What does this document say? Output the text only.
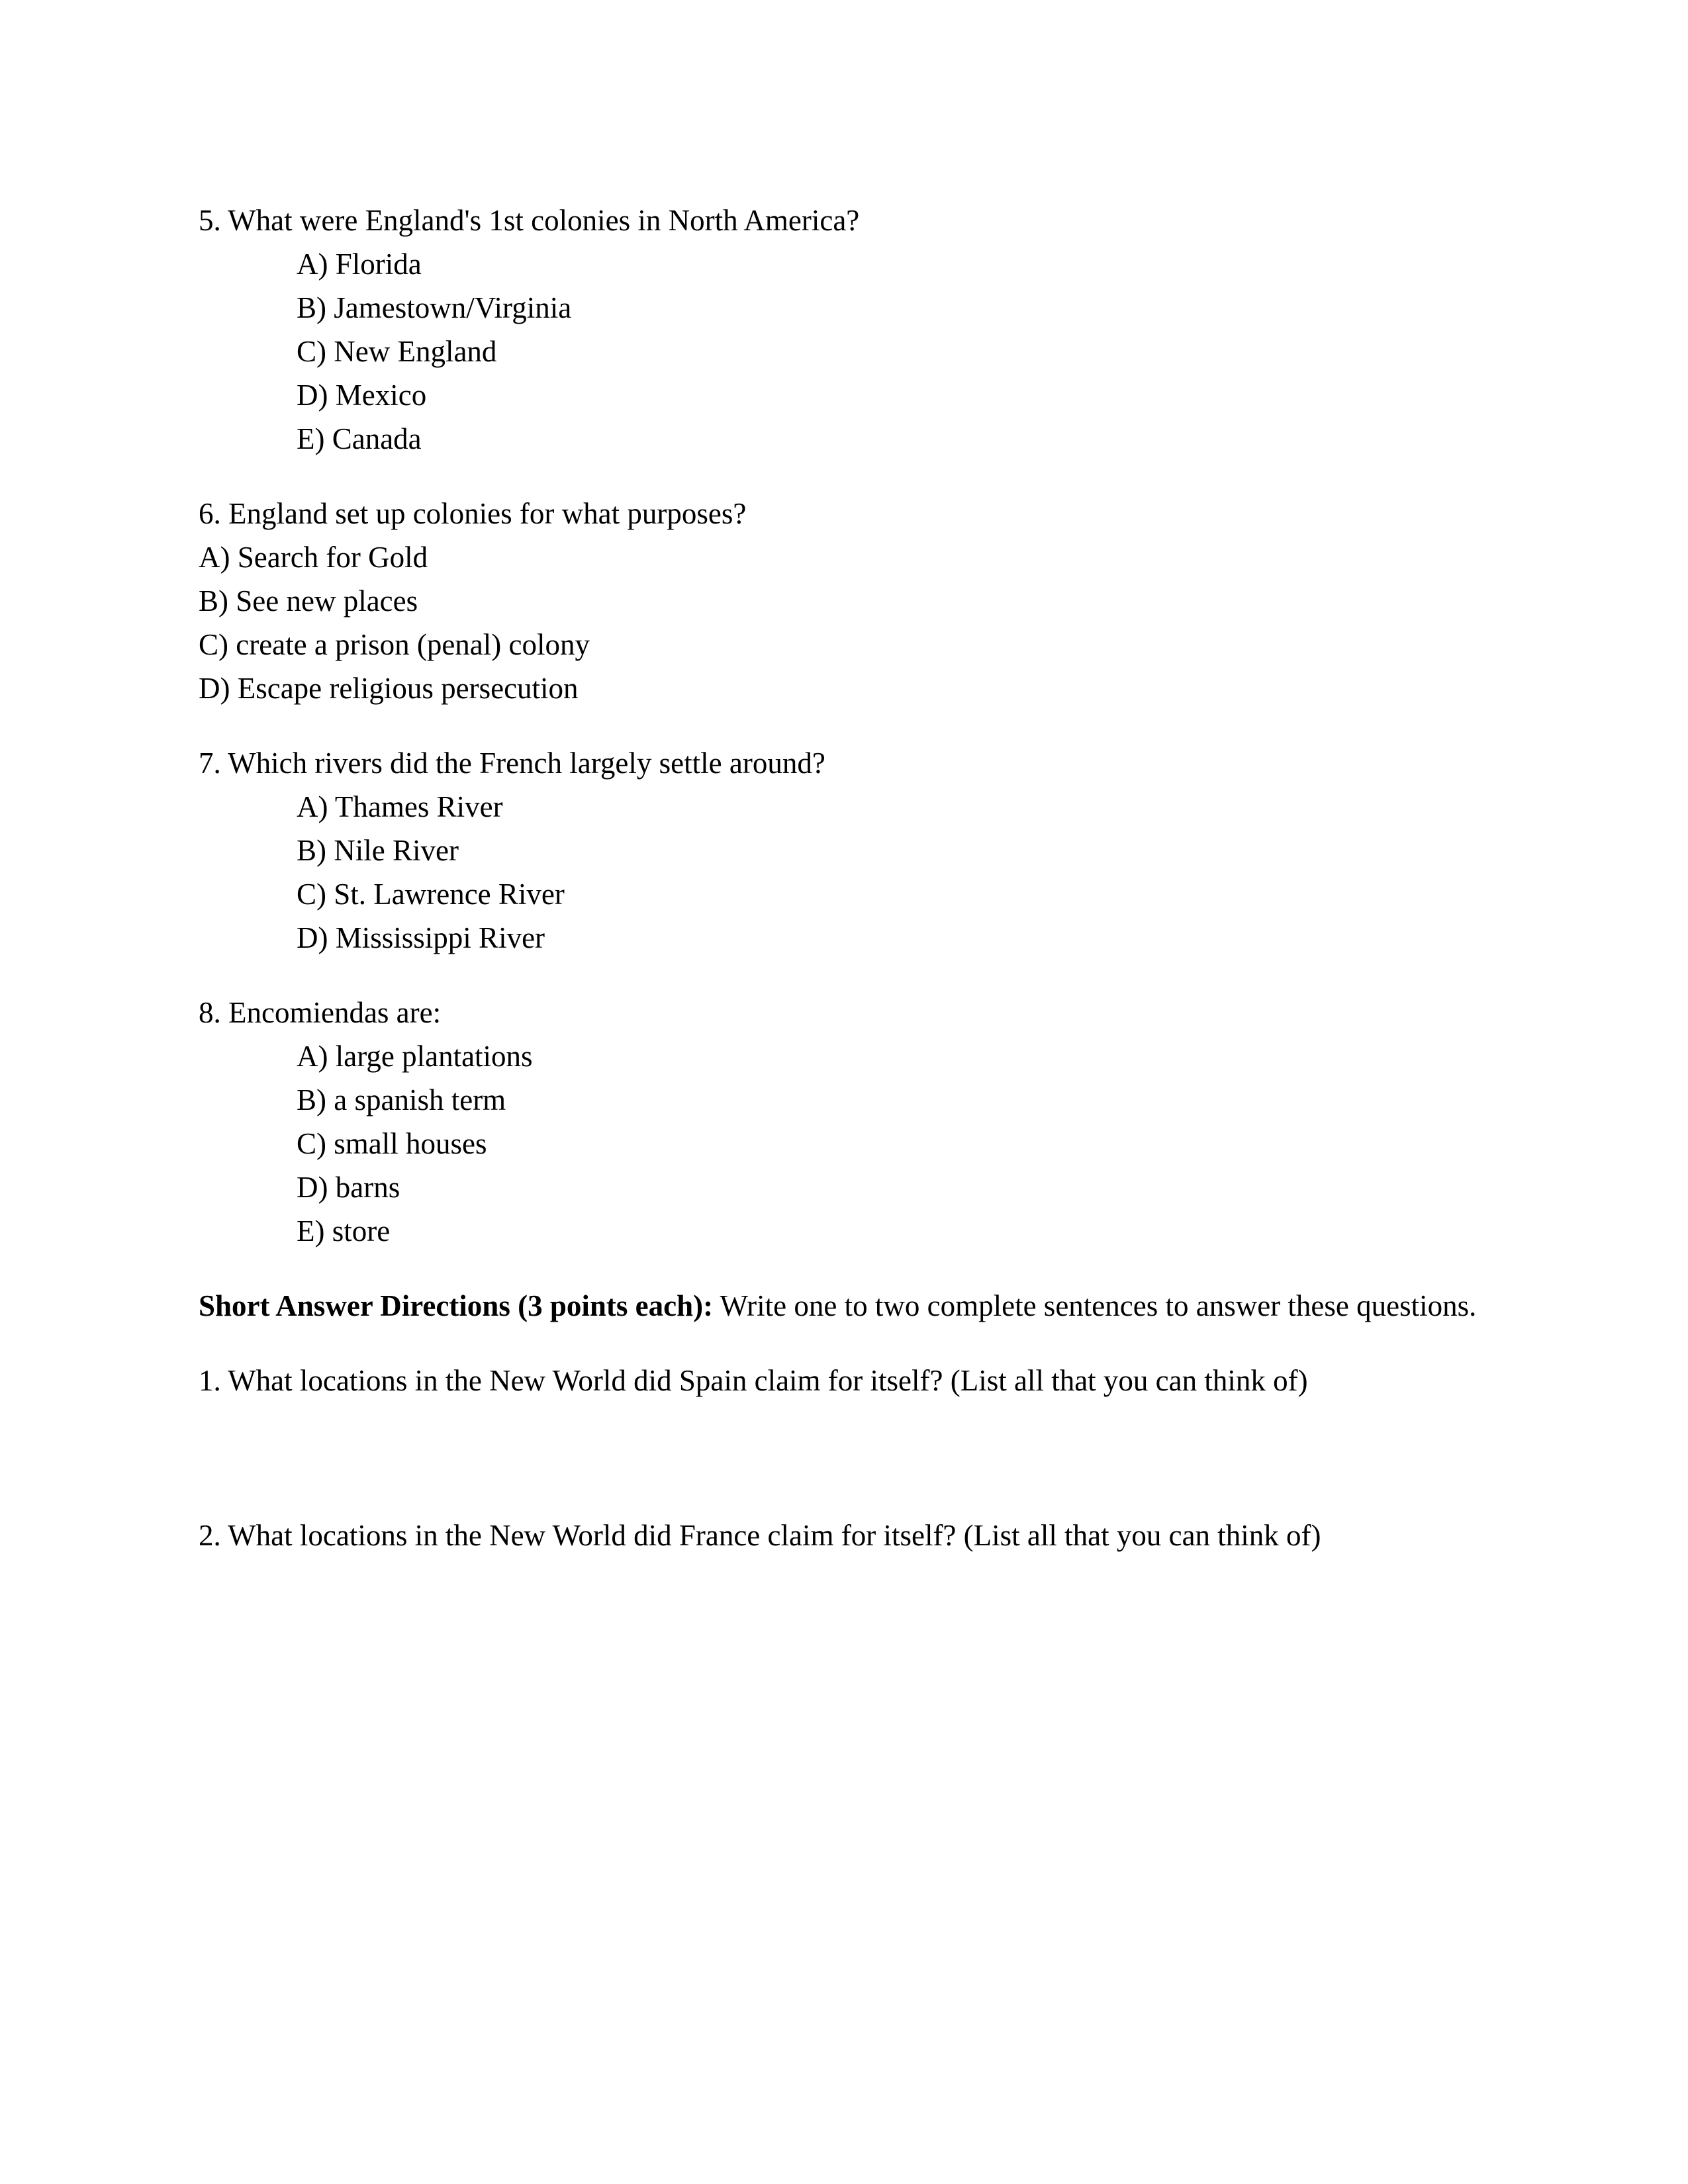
5. What were England's 1st colonies in North America?

A) Florida

B) Jamestown/Virginia

C) New England

D) Mexico

E) Canada

6. England set up colonies for what purposes?

A) Search for Gold

B) See new places

C) create a prison (penal) colony

D) Escape religious persecution

7. Which rivers did the French largely settle around?

A) Thames River

B) Nile River

C) St. Lawrence River

D) Mississippi River

8. Encomiendas are:

A) large plantations

B) a spanish term

C) small houses

D) barns

E) store

Short Answer Directions (3 points each): Write one to two complete sentences to answer these questions.

1. What locations in the New World did Spain claim for itself? (List all that you can think of)

2. What locations in the New World did France claim for itself? (List all that you can think of)
